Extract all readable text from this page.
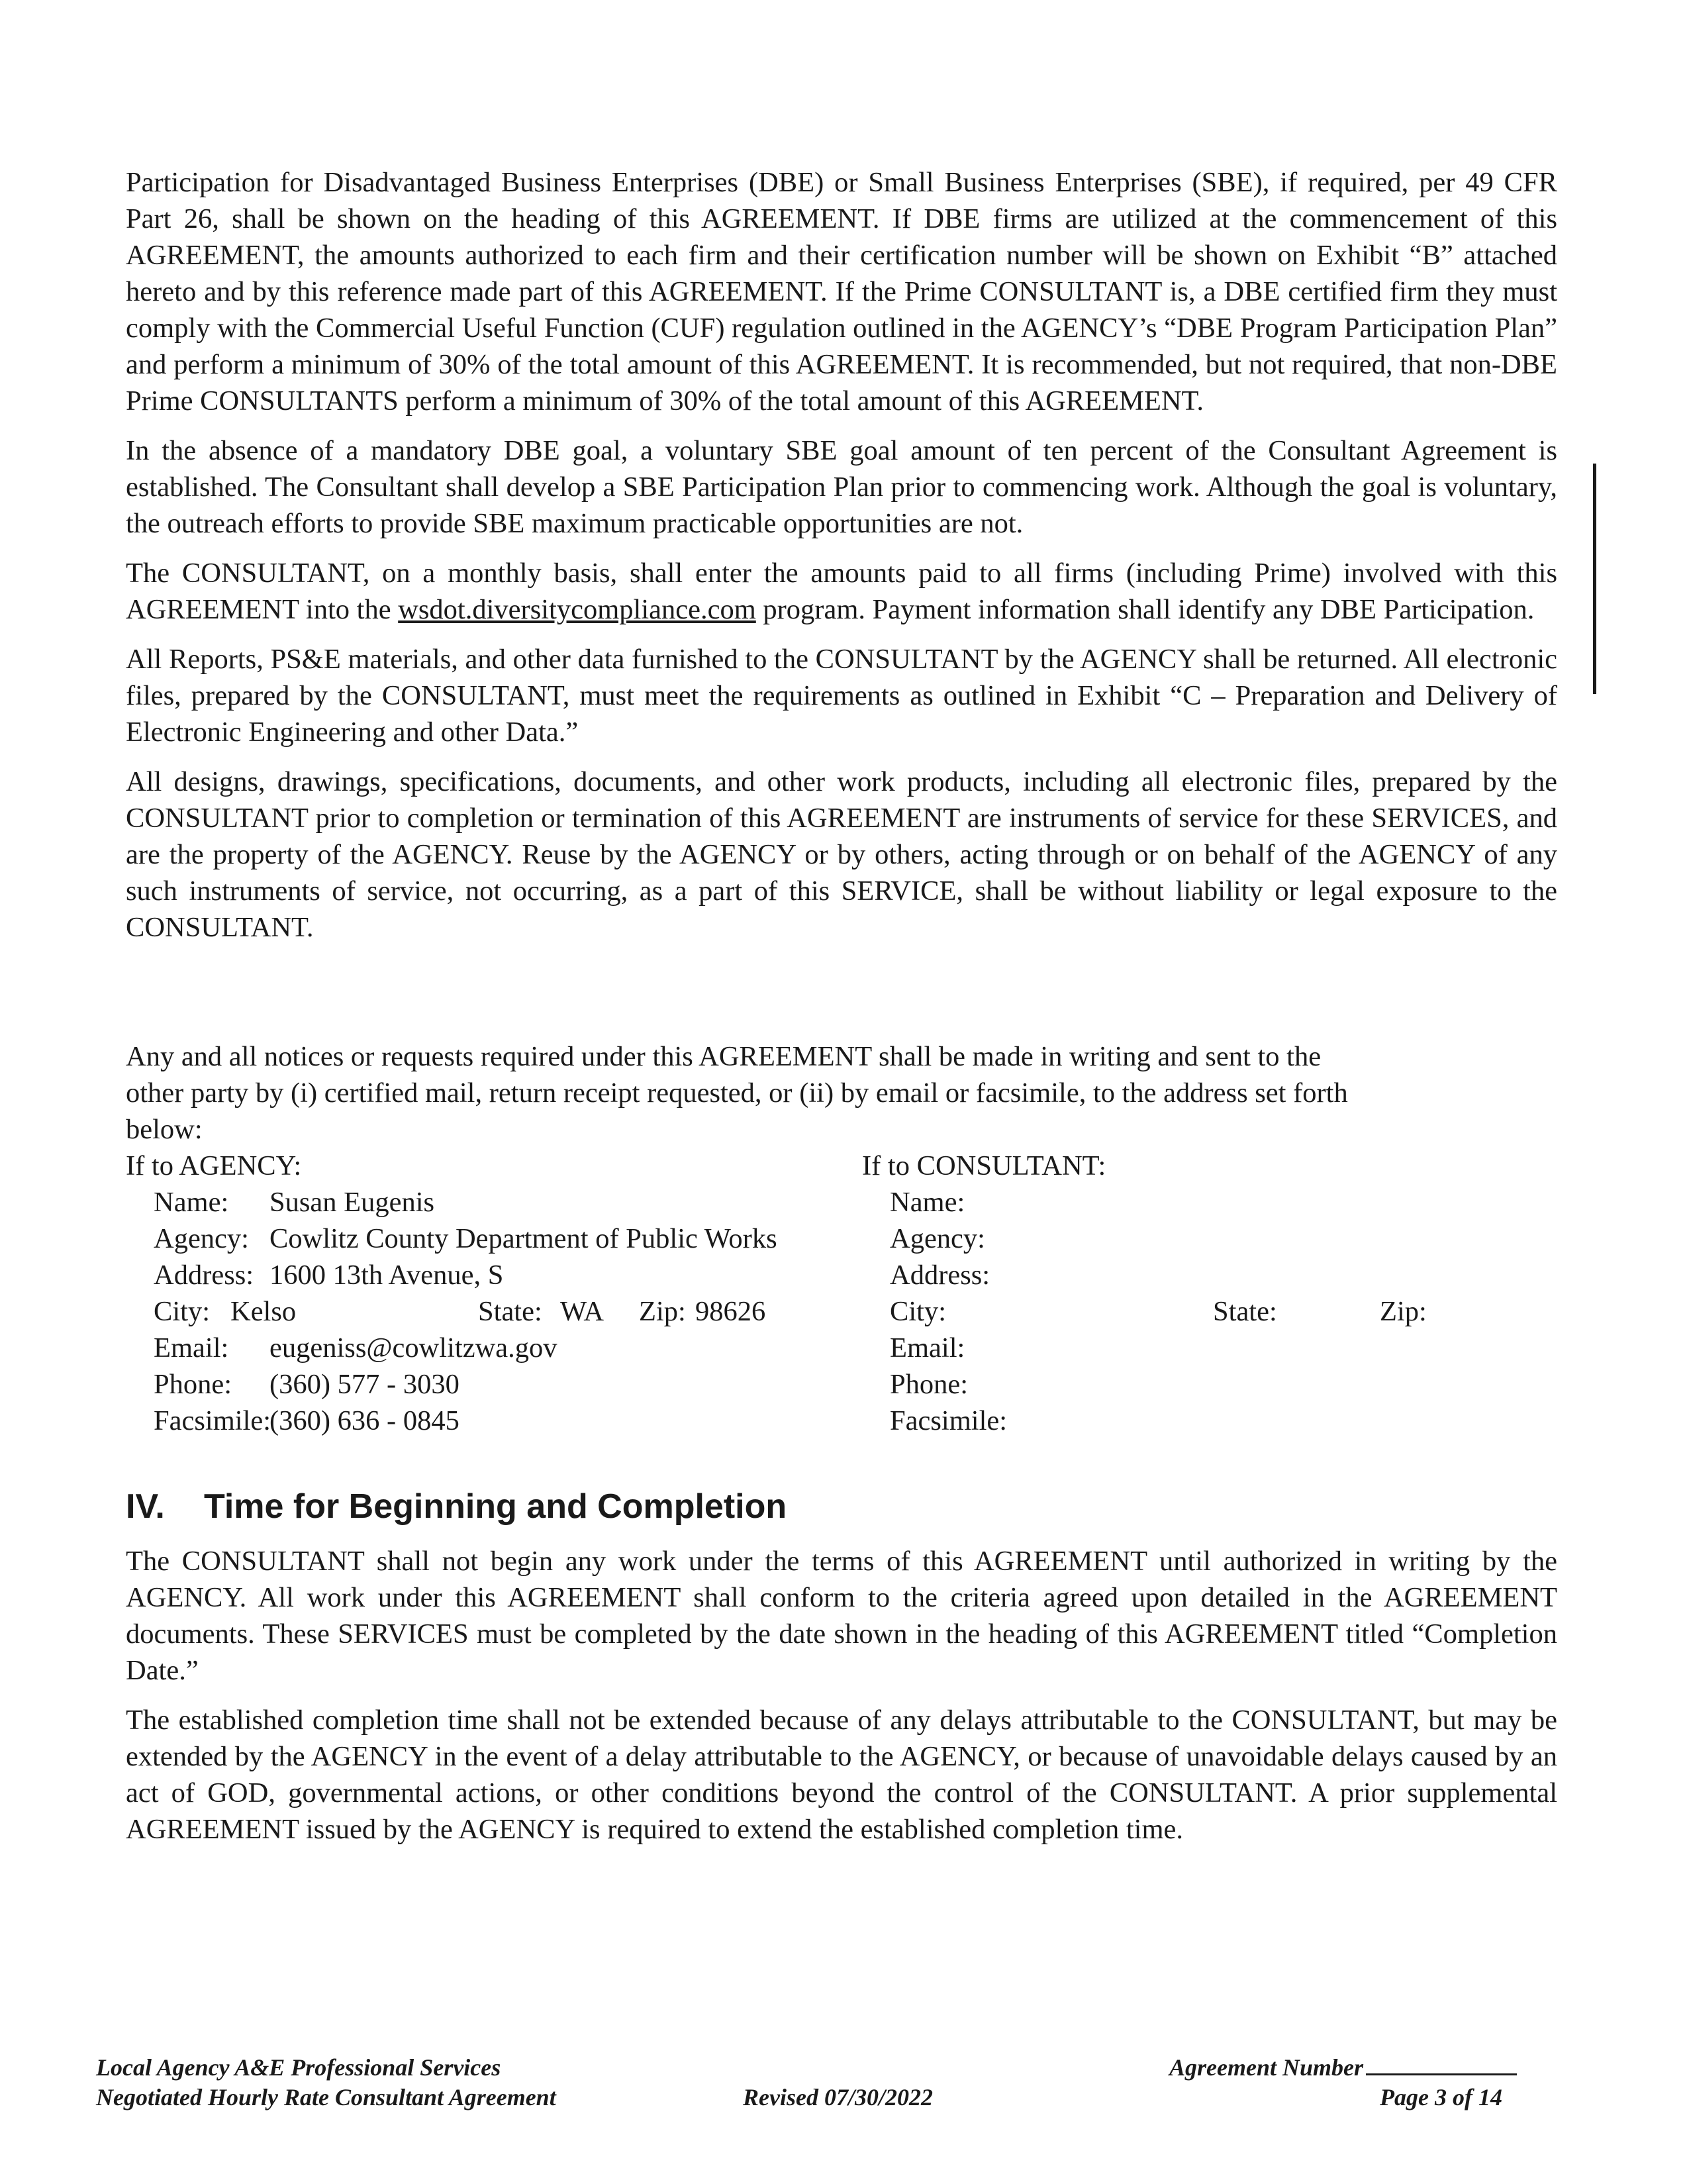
Participation for Disadvantaged Business Enterprises (DBE) or Small Business Enterprises (SBE), if required, per 49 CFR Part 26, shall be shown on the heading of this AGREEMENT. If DBE firms are utilized at the commencement of this AGREEMENT, the amounts authorized to each firm and their certification number will be shown on Exhibit “B” attached hereto and by this reference made part of this AGREEMENT. If the Prime CONSULTANT is, a DBE certified firm they must comply with the Commercial Useful Function (CUF) regulation outlined in the AGENCY’s “DBE Program Participation Plan” and perform a minimum of 30% of the total amount of this AGREEMENT. It is recommended, but not required, that non-DBE Prime CONSULTANTS perform a minimum of 30% of the total amount of this AGREEMENT.

In the absence of a mandatory DBE goal, a voluntary SBE goal amount of ten percent of the Consultant Agreement is established. The Consultant shall develop a SBE Participation Plan prior to commencing work. Although the goal is voluntary, the outreach efforts to provide SBE maximum practicable opportunities are not.

The CONSULTANT, on a monthly basis, shall enter the amounts paid to all firms (including Prime) involved with this AGREEMENT into the wsdot.diversitycompliance.com program. Payment information shall identify any DBE Participation.

All Reports, PS&E materials, and other data furnished to the CONSULTANT by the AGENCY shall be returned. All electronic files, prepared by the CONSULTANT, must meet the requirements as outlined in Exhibit “C – Preparation and Delivery of Electronic Engineering and other Data.”

All designs, drawings, specifications, documents, and other work products, including all electronic files, prepared by the CONSULTANT prior to completion or termination of this AGREEMENT are instruments of service for these SERVICES, and are the property of the AGENCY. Reuse by the AGENCY or by others, acting through or on behalf of the AGENCY of any such instruments of service, not occurring, as a part of this SERVICE, shall be without liability or legal exposure to the CONSULTANT.

Any and all notices or requests required under this AGREEMENT shall be made in writing and sent to the

other party by (i) certified mail, return receipt requested, or (ii) by email or facsimile, to the address set forth

below:

If to AGENCY:
Name: Susan Eugenis
Agency: Cowlitz County Department of Public Works
Address: 1600 13th Avenue, S
City: Kelso	State: WA Zip: 98626
Email: eugeniss@cowlitzwa.gov
Phone: (360) 577 - 3030
Facsimile:
(360) 636 - 0845
If to CONSULTANT:
Name:
Agency:
Address:
City:	State:	Zip:
Email:
Phone:
Facsimile:
IV. Time for Beginning and Completion

The CONSULTANT shall not begin any work under the terms of this AGREEMENT until authorized in writing by the AGENCY. All work under this AGREEMENT shall conform to the criteria agreed upon detailed in the AGREEMENT documents. These SERVICES must be completed by the date shown in the heading of this AGREEMENT titled “Completion Date.”

The established completion time shall not be extended because of any delays attributable to the CONSULTANT, but may be extended by the AGENCY in the event of a delay attributable to the AGENCY, or because of unavoidable delays caused by an act of GOD, governmental actions, or other conditions beyond the control of the CONSULTANT. A prior supplemental AGREEMENT issued by the AGENCY is required to extend the established completion time.

Local Agency A&E Professional Services
Negotiated Hourly Rate Consultant Agreement	Revised 07/30/2022
Agreement Number
Page 3 of 14
